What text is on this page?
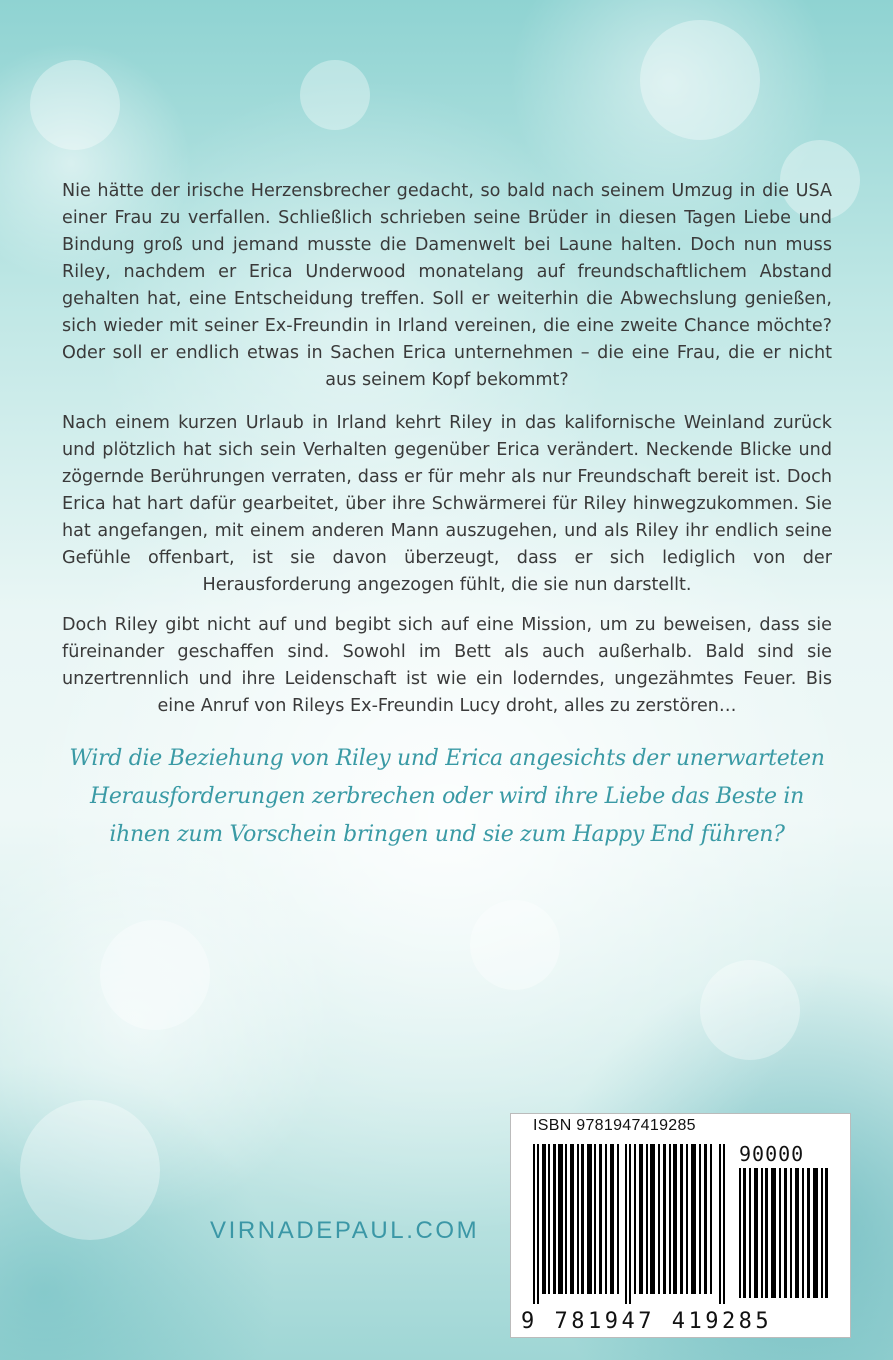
Nie hätte der irische Herzensbrecher gedacht, so bald nach seinem Umzug in die USA einer Frau zu verfallen. Schließlich schrieben seine Brüder in diesen Tagen Liebe und Bindung groß und jemand musste die Damenwelt bei Laune halten. Doch nun muss Riley, nachdem er Erica Underwood monatelang auf freundschaftlichem Abstand gehalten hat, eine Entscheidung treffen. Soll er weiterhin die Abwechslung genießen, sich wieder mit seiner Ex-Freundin in Irland vereinen, die eine zweite Chance möchte? Oder soll er endlich etwas in Sachen Erica unternehmen – die eine Frau, die er nicht aus seinem Kopf bekommt?

Nach einem kurzen Urlaub in Irland kehrt Riley in das kalifornische Weinland zurück und plötzlich hat sich sein Verhalten gegenüber Erica verändert. Neckende Blicke und zögernde Berührungen verraten, dass er für mehr als nur Freundschaft bereit ist. Doch Erica hat hart dafür gearbeitet, über ihre Schwärmerei für Riley hinwegzukommen. Sie hat angefangen, mit einem anderen Mann auszugehen, und als Riley ihr endlich seine Gefühle offenbart, ist sie davon überzeugt, dass er sich lediglich von der Herausforderung angezogen fühlt, die sie nun darstellt.

Doch Riley gibt nicht auf und begibt sich auf eine Mission, um zu beweisen, dass sie füreinander geschaffen sind. Sowohl im Bett als auch außerhalb. Bald sind sie unzertrennlich und ihre Leidenschaft ist wie ein loderndes, ungezähmtes Feuer. Bis eine Anruf von Rileys Ex-Freundin Lucy droht, alles zu zerstören…

Wird die Beziehung von Riley und Erica angesichts der unerwarteten Herausforderungen zerbrechen oder wird ihre Liebe das Beste in ihnen zum Vorschein bringen und sie zum Happy End führen?

VIRNADEPAUL.COM
ISBN 9781947419285
90000
9 781947 419285
